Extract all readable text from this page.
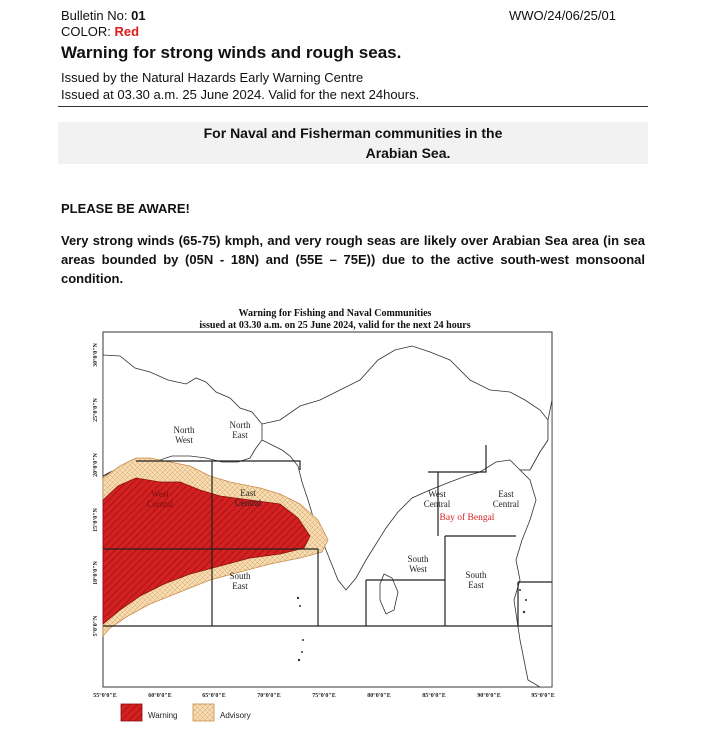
Bulletin No: 01
COLOR: Red
WWO/24/06/25/01
Warning for strong winds and rough seas.
Issued by the Natural Hazards Early Warning Centre
Issued at 03.30 a.m. 25 June 2024. Valid for the next 24hours.
For Naval and Fisherman communities in the
Arabian Sea.
PLEASE BE AWARE!
Very strong winds (65-75) kmph, and very rough seas are likely over Arabian Sea area (in sea areas bounded by (05N - 18N) and (55E – 75E)) due to the active south-west monsoonal condition.
Warning for Fishing and Naval Communities
issued at 03.30 a.m. on 25 June 2024, valid for the next 24 hours
North
West
North
East
East
Central
West
Central
South
East
West
Central
East
Central
South
West
South
East
Bay of Bengal
55°0'0"E	60°0'0"E	65°0'0"E	70°0'0"E	75°0'0"E	80°0'0"E	85°0'0"E	90°0'0"E	95°0'0"E
30°0'0"N
25°0'0"N
20°0'0"N
15°0'0"N
10°0'0"N
5°0'0"N
Warning	Advisory
